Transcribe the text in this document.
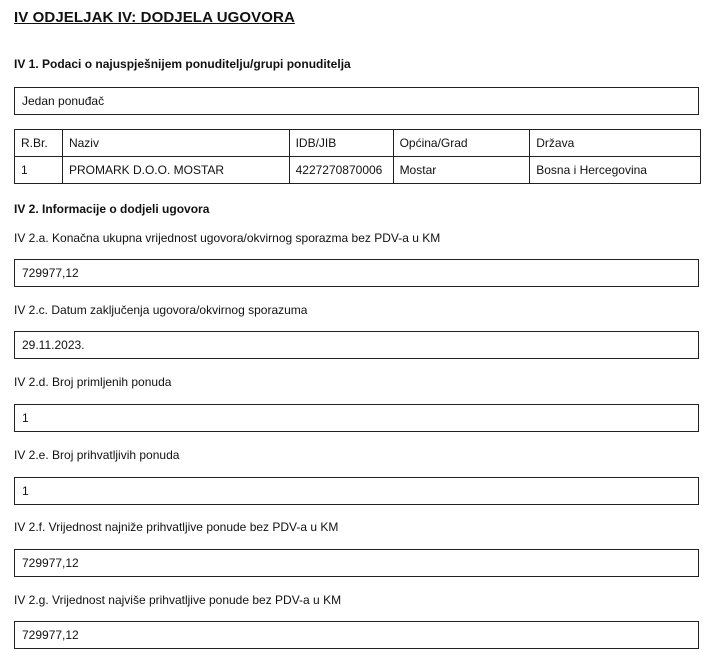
IV ODJELJAK IV: DODJELA UGOVORA
IV 1. Podaci o najuspješnijem ponuditelju/grupi ponuditelja
Jedan ponuđač
R.Br.	Naziv	IDB/JIB	Općina/Grad	Država
1	PROMARK D.O.O. MOSTAR	4227270870006	Mostar	Bosna i Hercegovina
IV 2. Informacije o dodjeli ugovora
IV 2.a. Konačna ukupna vrijednost ugovora/okvirnog sporazma bez PDV-a u KM
729977,12
IV 2.c. Datum zaključenja ugovora/okvirnog sporazuma
29.11.2023.
IV 2.d. Broj primljenih ponuda
1
IV 2.e. Broj prihvatljivih ponuda
1
IV 2.f. Vrijednost najniže prihvatljive ponude bez PDV-a u KM
729977,12
IV 2.g. Vrijednost najviše prihvatljive ponude bez PDV-a u KM
729977,12
